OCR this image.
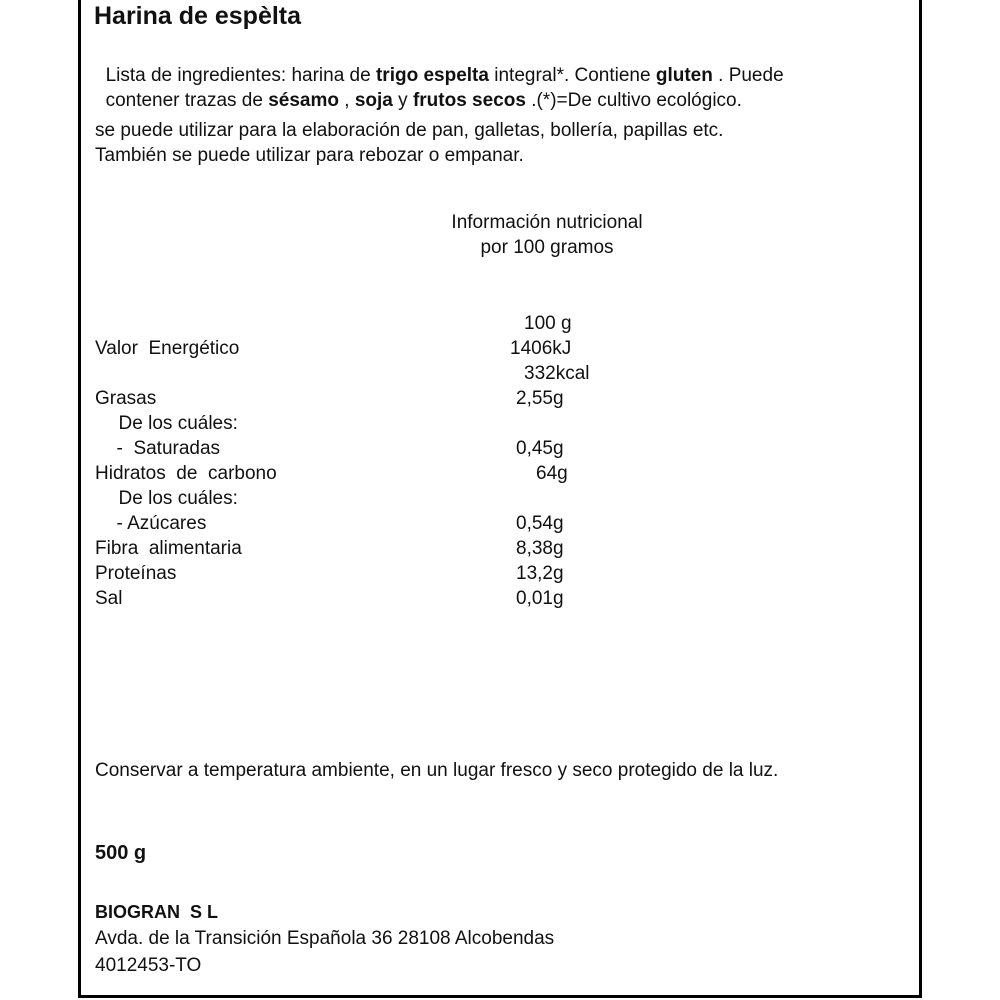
Harina de espèlta

Lista de ingredientes: harina de trigo espelta integral*. Contiene gluten . Puede

contener trazas de sésamo , soja y frutos secos .(*)=De cultivo ecológico.

se puede utilizar para la elaboración de pan, galletas, bollería, papillas etc.
También se puede utilizar para rebozar o empanar.
Información nutricional
por 100 gramos
100 g
Valor  Energético	1406kJ
332kcal
Grasas	2,55g
De los cuáles:
-  Saturadas	0,45g
Hidratos  de  carbono	64g
De los cuáles:
- Azúcares	0,54g
Fibra  alimentaria	8,38g
Proteínas	13,2g
Sal	0,01g
Conservar a temperatura ambiente, en un lugar fresco y seco protegido de la luz.
500 g
BIOGRAN  S L
Avda. de la Transición Española 36 28108 Alcobendas
4012453-TO
